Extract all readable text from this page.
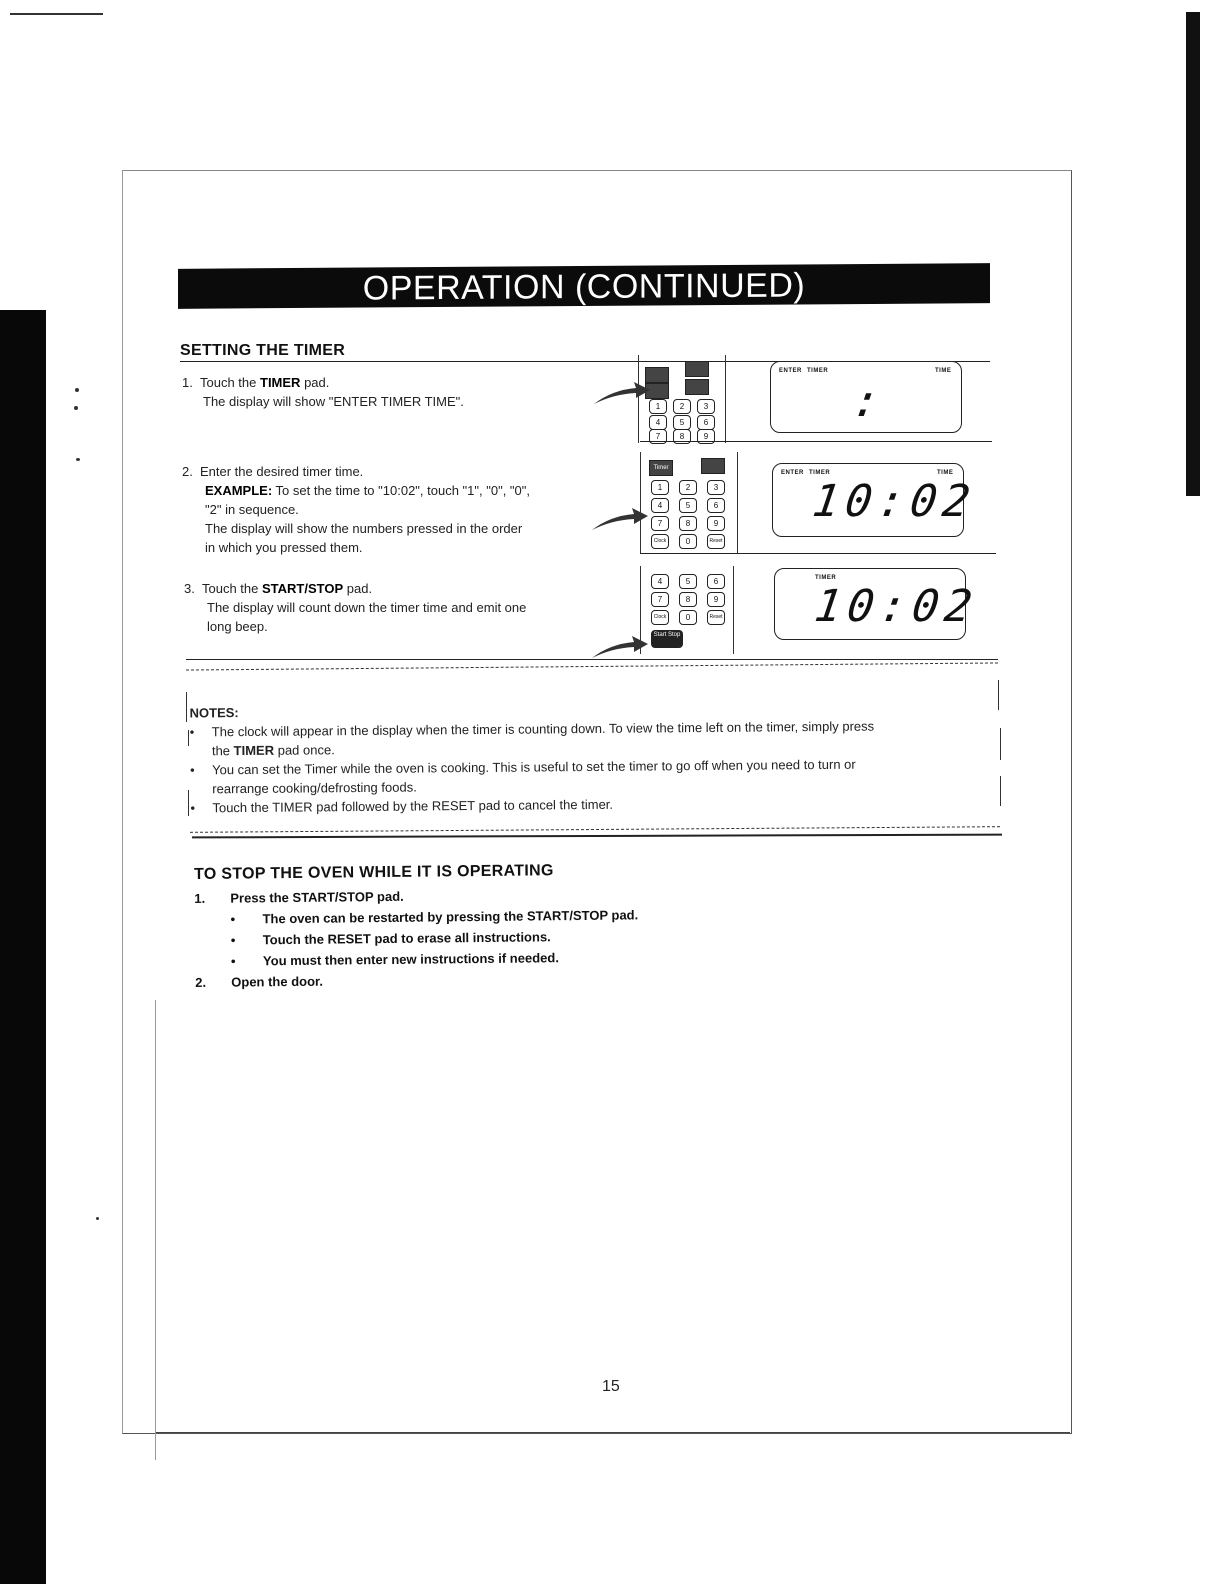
OPERATION (CONTINUED)
SETTING THE TIMER
1. Touch the TIMER pad.
The display will show "ENTER TIMER TIME".	1	2	3
4	5	6
7	8	9
ENTER TIMER	TIME
:
2. Enter the desired timer time.
EXAMPLE: To set the time to "10:02", touch "1", "0", "0",
"2" in sequence.
The display will show the numbers pressed in the order
in which you pressed them.
Timer
1	2	3
4	5	6
7	8	9
Clock	0	Reset
ENTER TIMER	TIME
10:02
3. Touch the START/STOP pad.
The display will count down the timer time and emit one
long beep.
4	5	6
7	8	9
Clock	0	Reset
Start Stop
TIMER
10:02
NOTES:
• The clock will appear in the display when the timer is counting down. To view the time left on the timer, simply press
the TIMER pad once.
• You can set the Timer while the oven is cooking. This is useful to set the timer to go off when you need to turn or
rearrange cooking/defrosting foods.
• Touch the TIMER pad followed by the RESET pad to cancel the timer.
TO STOP THE OVEN WHILE IT IS OPERATING
1. Press the START/STOP pad.
• The oven can be restarted by pressing the START/STOP pad.
• Touch the RESET pad to erase all instructions.
• You must then enter new instructions if needed.
2. Open the door.
15
